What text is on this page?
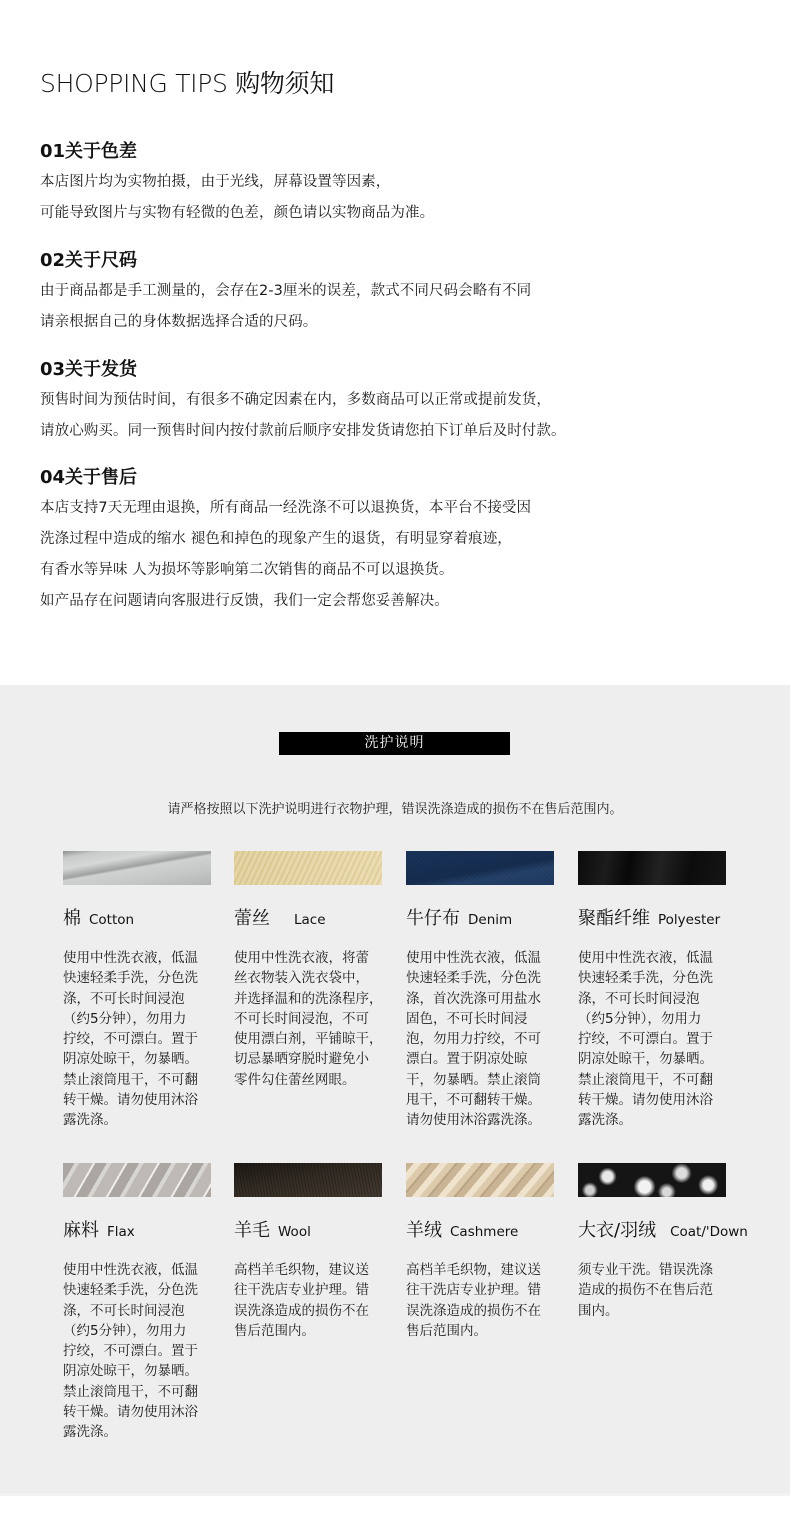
SHOPPING TIPS 购物须知
01关于色差
本店图片均为实物拍摄，由于光线，屏幕设置等因素，
可能导致图片与实物有轻微的色差，颜色请以实物商品为准。
02关于尺码
由于商品都是手工测量的，会存在2-3厘米的误差，款式不同尺码会略有不同
请亲根据自己的身体数据选择合适的尺码。
03关于发货
预售时间为预估时间，有很多不确定因素在内，多数商品可以正常或提前发货，
请放心购买。同一预售时间内按付款前后顺序安排发货请您拍下订单后及时付款。
04关于售后
本店支持7天无理由退换，所有商品一经洗涤不可以退换货，本平台不接受因
洗涤过程中造成的缩水 褪色和掉色的现象产生的退货，有明显穿着痕迹，
有香水等异味 人为损坏等影响第二次销售的商品不可以退换货。
如产品存在问题请向客服进行反馈，我们一定会帮您妥善解决。
洗护说明
请严格按照以下洗护说明进行衣物护理，错误洗涤造成的损伤不在售后范围内。
棉 Cotton
使用中性洗衣液，低温
快速轻柔手洗，分色洗
涤，不可长时间浸泡
（约5分钟），勿用力
拧绞，不可漂白。置于
阴凉处晾干，勿暴晒。
禁止滚筒甩干，不可翻
转干燥。请勿使用沐浴
露洗涤。
蕾丝 Lace
使用中性洗衣液，将蕾
丝衣物装入洗衣袋中，
并选择温和的洗涤程序，
不可长时间浸泡，不可
使用漂白剂，平铺晾干，
切忌暴晒穿脱时避免小
零件勾住蕾丝网眼。
牛仔布 Denim
使用中性洗衣液，低温
快速轻柔手洗，分色洗
涤，首次洗涤可用盐水
固色，不可长时间浸
泡，勿用力拧绞，不可
漂白。置于阴凉处晾
干，勿暴晒。禁止滚筒
甩干，不可翻转干燥。
请勿使用沐浴露洗涤。
聚酯纤维 Polyester
使用中性洗衣液，低温
快速轻柔手洗，分色洗
涤，不可长时间浸泡
（约5分钟），勿用力
拧绞，不可漂白。置于
阴凉处晾干，勿暴晒。
禁止滚筒甩干，不可翻
转干燥。请勿使用沐浴
露洗涤。
麻料 Flax
使用中性洗衣液，低温
快速轻柔手洗，分色洗
涤，不可长时间浸泡
（约5分钟），勿用力
拧绞，不可漂白。置于
阴凉处晾干，勿暴晒。
禁止滚筒甩干，不可翻
转干燥。请勿使用沐浴
露洗涤。
羊毛 Wool
高档羊毛织物，建议送
往干洗店专业护理。错
误洗涤造成的损伤不在
售后范围内。
羊绒 Cashmere
高档羊毛织物，建议送
往干洗店专业护理。错
误洗涤造成的损伤不在
售后范围内。
大衣/羽绒 Coat/'Down
须专业干洗。错误洗涤
造成的损伤不在售后范
围内。
